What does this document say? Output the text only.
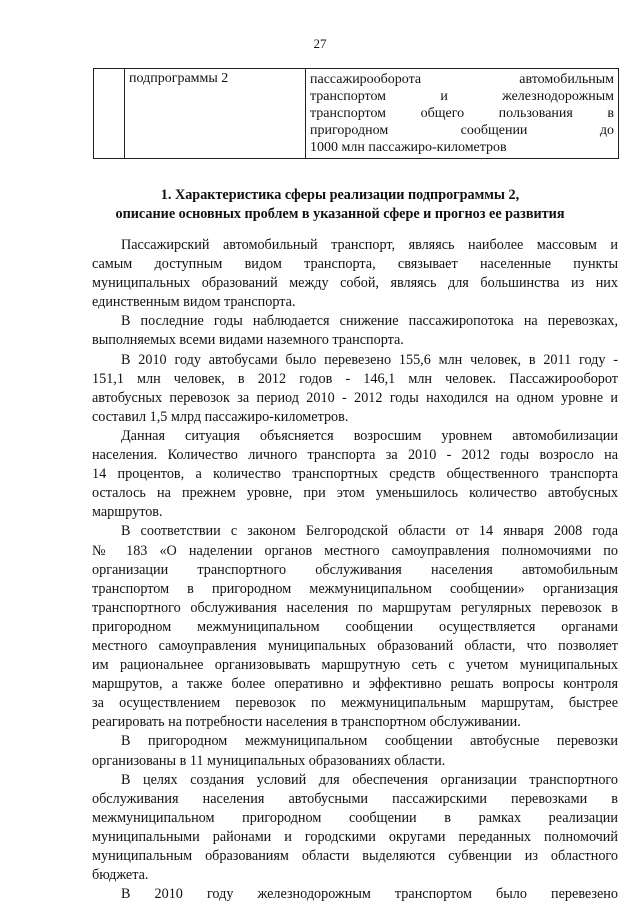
27
	подпрограммы 2	пассажирооборота автомобильным
транспортом и железнодорожным
транспортом общего пользования в
пригородном сообщении до
1000 млн пассажиро-километров
1. Характеристика сферы реализации подпрограммы 2,
описание основных проблем в указанной сфере и прогноз ее развития
Пассажирский автомобильный транспорт, являясь наиболее массовым и
самым доступным видом транспорта, связывает населенные пункты
муниципальных образований между собой, являясь для большинства из них
единственным видом транспорта.
В последние годы наблюдается снижение пассажиропотока на перевозках,
выполняемых всеми видами наземного транспорта.
В 2010 году автобусами было перевезено 155,6 млн человек, в 2011 году -
151,1 млн человек, в 2012 годов - 146,1 млн человек. Пассажирооборот
автобусных перевозок за период 2010 - 2012 годы находился на одном уровне и
составил 1,5 млрд пассажиро-километров.
Данная ситуация объясняется возросшим уровнем автомобилизации
населения. Количество личного транспорта за 2010 - 2012 годы возросло на
14 процентов, а количество транспортных средств общественного транспорта
осталось на прежнем уровне, при этом уменьшилось количество автобусных
маршрутов.
В соответствии с законом Белгородской области от 14 января 2008 года
№ 183 «О наделении органов местного самоуправления полномочиями по
организации транспортного обслуживания населения автомобильным
транспортом в пригородном межмуниципальном сообщении» организация
транспортного обслуживания населения по маршрутам регулярных перевозок в
пригородном межмуниципальном сообщении осуществляется органами
местного самоуправления муниципальных образований области, что позволяет
им рациональнее организовывать маршрутную сеть с учетом муниципальных
маршрутов, а также более оперативно и эффективно решать вопросы контроля
за осуществлением перевозок по межмуниципальным маршрутам, быстрее
реагировать на потребности населения в транспортном обслуживании.
В пригородном межмуниципальном сообщении автобусные перевозки
организованы в 11 муниципальных образованиях области.
В целях создания условий для обеспечения организации транспортного
обслуживания населения автобусными пассажирскими перевозками в
межмуниципальном пригородном сообщении в рамках реализации
муниципальными районами и городскими округами переданных полномочий
муниципальным образованиям области выделяются субвенции из областного
бюджета.
В 2010 году железнодорожным транспортом было перевезено
